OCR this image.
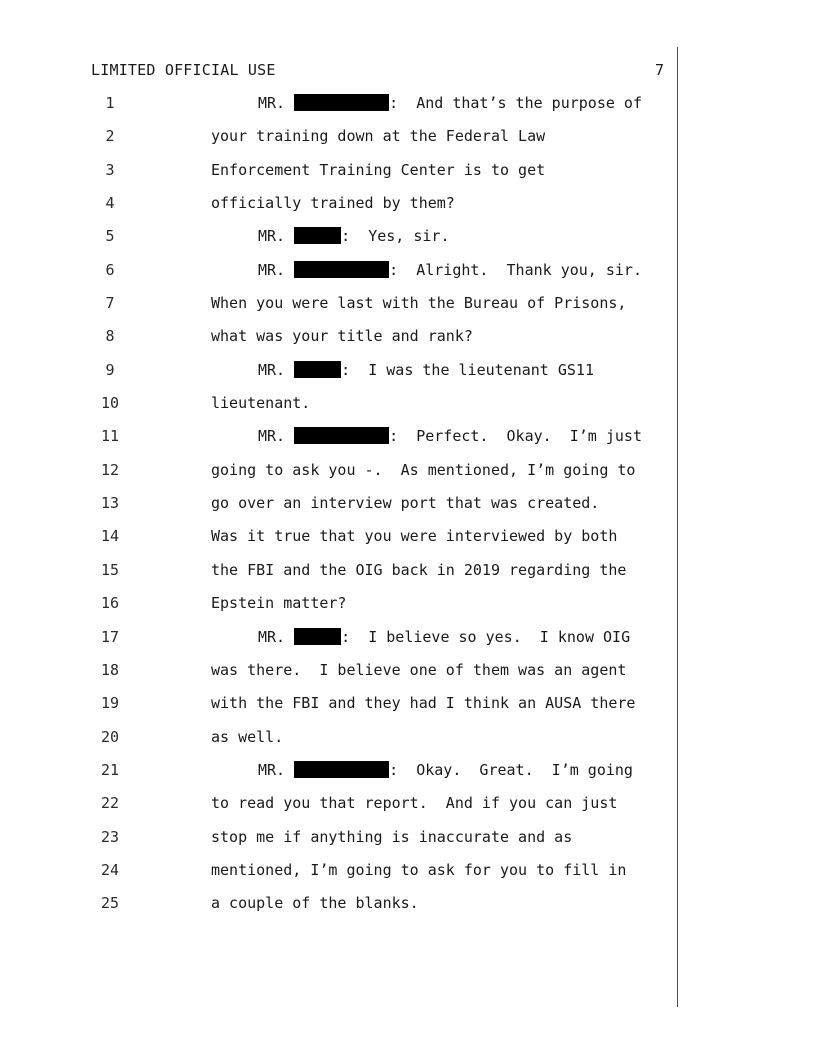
LIMITED OFFICIAL USE	7
1	MR.	:  And that’s the purpose of
2	your training down at the Federal Law
3	Enforcement Training Center is to get
4	officially trained by them?
5	MR.	:  Yes, sir.
6	MR.	:  Alright.  Thank you, sir.
7	When you were last with the Bureau of Prisons,
8	what was your title and rank?
9	MR.	:  I was the lieutenant GS11
10	lieutenant.
11	MR.	:  Perfect.  Okay.  I’m just
12	going to ask you -.  As mentioned, I’m going to
13	go over an interview port that was created.
14	Was it true that you were interviewed by both
15	the FBI and the OIG back in 2019 regarding the
16	Epstein matter?
17	MR.	:  I believe so yes.  I know OIG
18	was there.  I believe one of them was an agent
19	with the FBI and they had I think an AUSA there
20	as well.
21	MR.	:  Okay.  Great.  I’m going
22	to read you that report.  And if you can just
23	stop me if anything is inaccurate and as
24	mentioned, I’m going to ask for you to fill in
25	a couple of the blanks.
